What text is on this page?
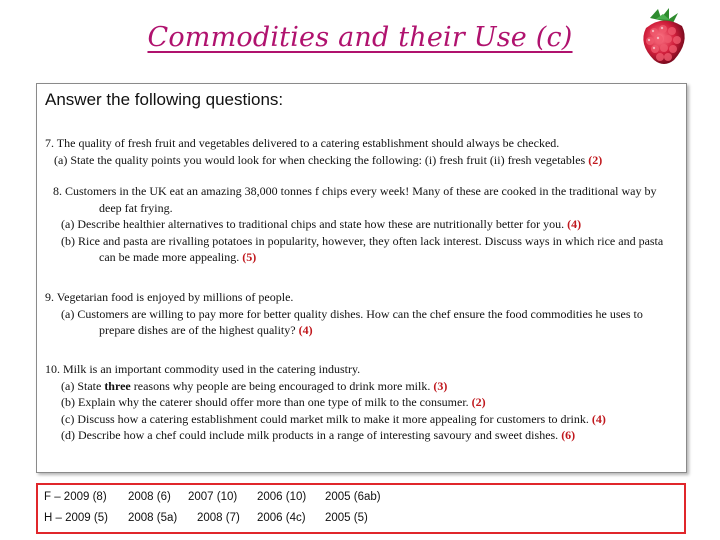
Commodities and their Use (c)
Answer the following questions:

7. The quality of fresh fruit and vegetables delivered to a catering establishment should always be checked.

(a) State the quality points you would look for when checking the following: (i) fresh fruit (ii) fresh vegetables (2)

8. Customers in the UK eat an amazing 38,000 tonnes f chips every week! Many of these are cooked in the traditional way by deep fat frying.

(a) Describe healthier alternatives to traditional chips and state how these are nutritionally better for you. (4)

(b) Rice and pasta are rivalling potatoes in popularity, however, they often lack interest. Discuss ways in which rice and pasta can be made more appealing. (5)

9. Vegetarian food is enjoyed by millions of people.

(a) Customers are willing to pay more for better quality dishes. How can the chef ensure the food commodities he uses to prepare dishes are of the highest quality? (4)

10. Milk is an important commodity used in the catering industry.

(a) State three reasons why people are being encouraged to drink more milk. (3)

(b) Explain why the caterer should offer more than one type of milk to the consumer. (2)

(c) Discuss how a catering establishment could market milk to make it more appealing for customers to drink. (4)

(d) Describe how a chef could include milk products in a range of interesting savoury and sweet dishes. (6)

F – 2009 (8) 2008 (6) 2007 (10) 2006 (10) 2005 (6ab)
H – 2009 (5) 2008 (5a) 2008 (7) 2006 (4c) 2005 (5)
